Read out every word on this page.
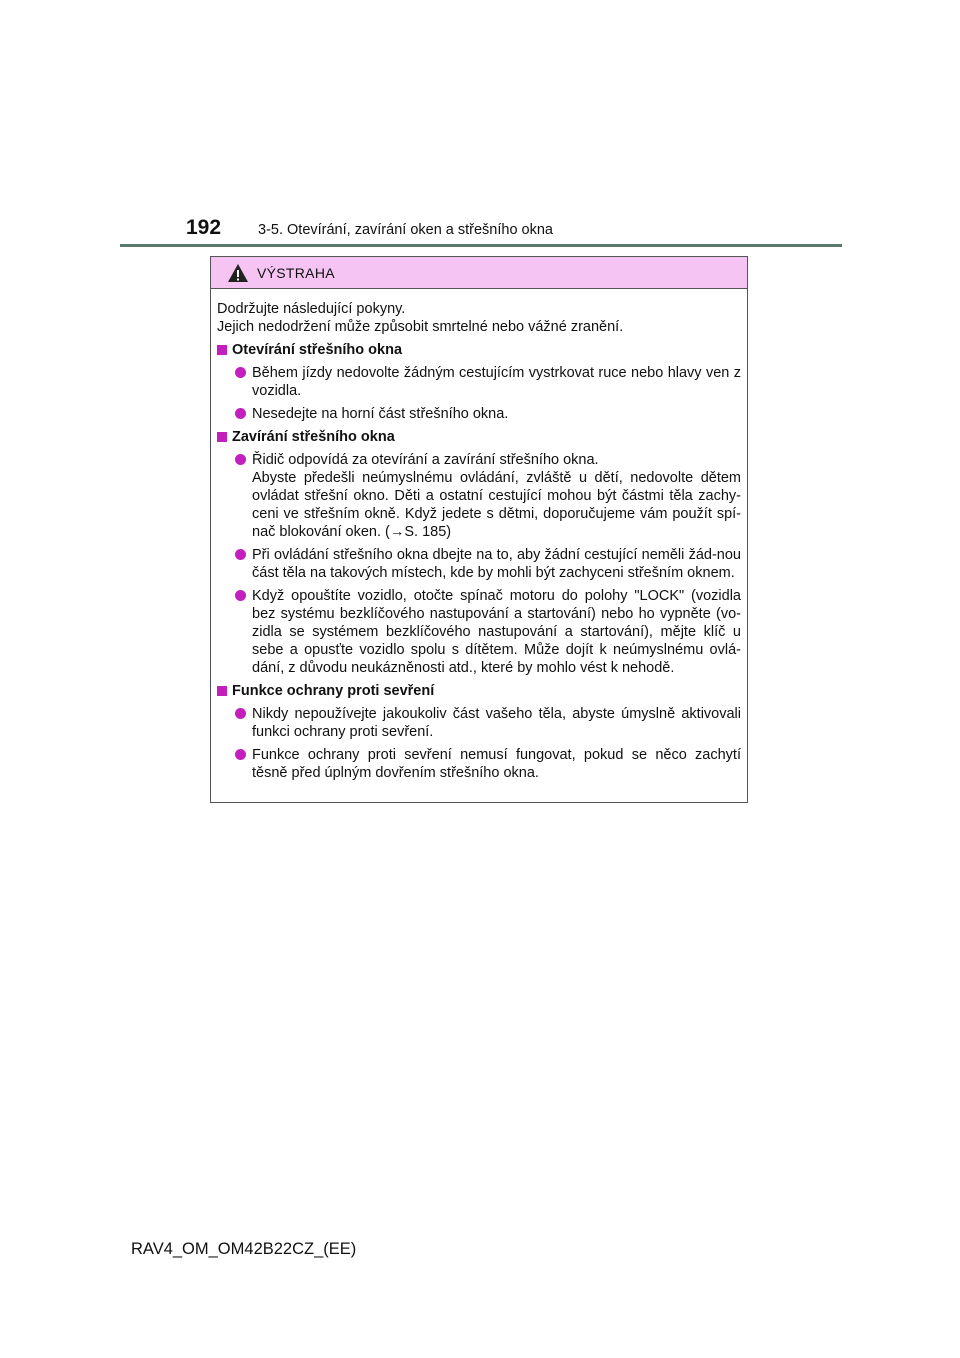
192	3-5. Otevírání, zavírání oken a střešního okna
VÝSTRAHA

Dodržujte následující pokyny.

Jejich nedodržení může způsobit smrtelné nebo vážné zranění.

Otevírání střešního okna
Během jízdy nedovolte žádným cestujícím vystrkovat ruce nebo hlavy ven z vozidla.
Nesedejte na horní část střešního okna.
Zavírání střešního okna
Řidič odpovídá za otevírání a zavírání střešního okna.
Abyste předešli neúmyslnému ovládání, zvláště u dětí, nedovolte dětem ovládat střešní okno. Děti a ostatní cestující mohou být částmi těla zachy-ceni ve střešním okně. Když jedete s dětmi, doporučujeme vám použít spí-nač blokování oken. (→S. 185)
Při ovládání střešního okna dbejte na to, aby žádní cestující neměli žád-nou část těla na takových místech, kde by mohli být zachyceni střešním oknem.
Když opouštíte vozidlo, otočte spínač motoru do polohy "LOCK" (vozidla bez systému bezklíčového nastupování a startování) nebo ho vypněte (vo-zidla se systémem bezklíčového nastupování a startování), mějte klíč u sebe a opusťte vozidlo spolu s dítětem. Může dojít k neúmyslnému ovlá-dání, z důvodu neukázněnosti atd., které by mohlo vést k nehodě.
Funkce ochrany proti sevření
Nikdy nepoužívejte jakoukoliv část vašeho těla, abyste úmyslně aktivovali funkci ochrany proti sevření.
Funkce ochrany proti sevření nemusí fungovat, pokud se něco zachytí těsně před úplným dovřením střešního okna.
RAV4_OM_OM42B22CZ_(EE)
